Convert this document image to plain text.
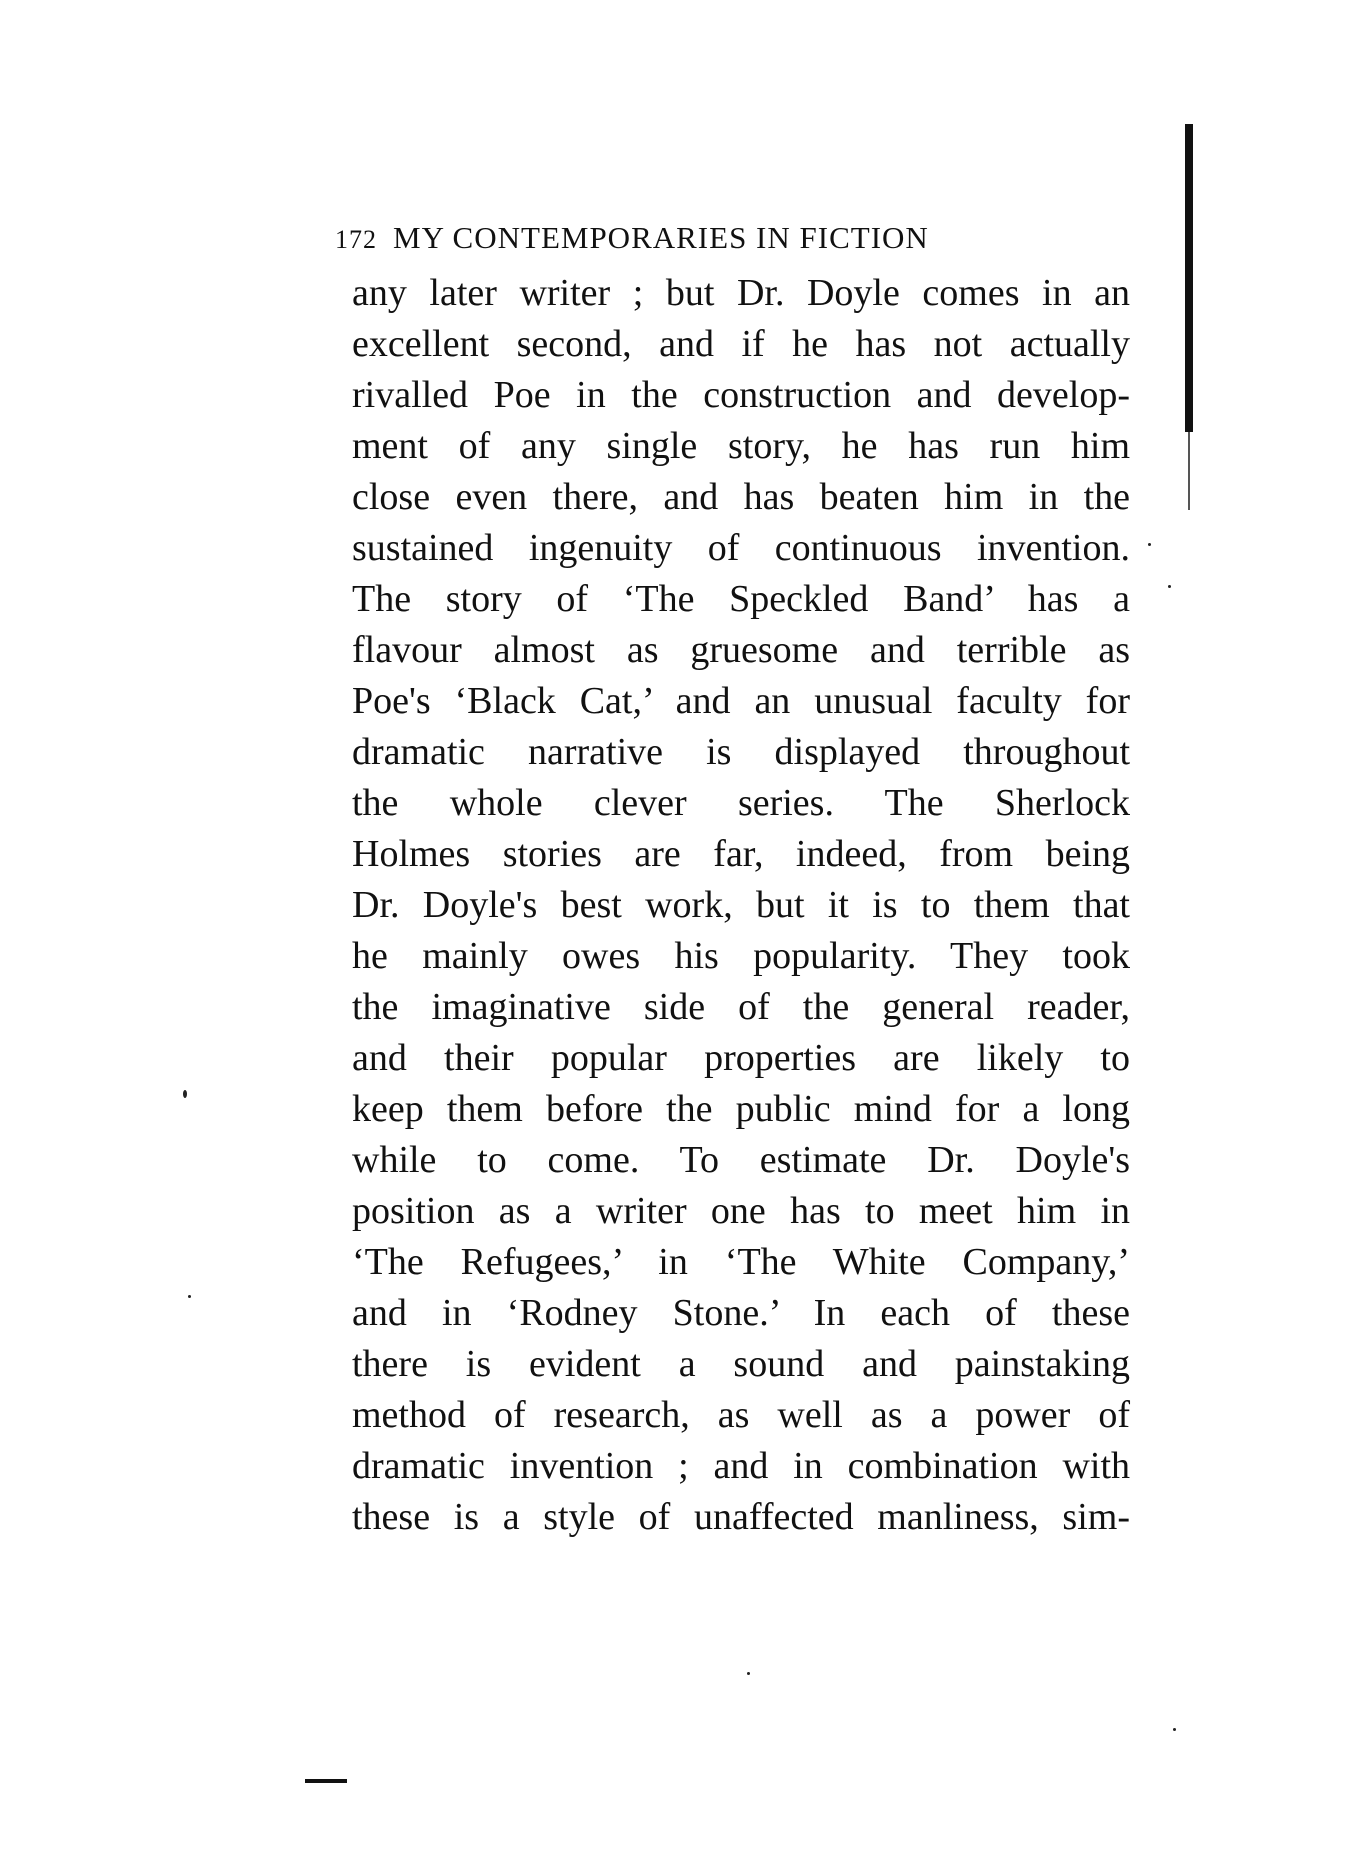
172 MY CONTEMPORARIES IN FICTION
any later writer ; but Dr. Doyle comes in an
excellent second, and if he has not actually
rivalled Poe in the construction and develop-
ment of any single story, he has run him
close even there, and has beaten him in the
sustained ingenuity of continuous invention.
The story of ‘The Speckled Band’ has a
flavour almost as gruesome and terrible as
Poe's ‘Black Cat,’ and an unusual faculty for
dramatic narrative is displayed throughout
the whole clever series. The Sherlock
Holmes stories are far, indeed, from being
Dr. Doyle's best work, but it is to them that
he mainly owes his popularity. They took
the imaginative side of the general reader,
and their popular properties are likely to
keep them before the public mind for a long
while to come. To estimate Dr. Doyle's
position as a writer one has to meet him in
‘The Refugees,’ in ‘The White Company,’
and in ‘Rodney Stone.’ In each of these
there is evident a sound and painstaking
method of research, as well as a power of
dramatic invention ; and in combination with
these is a style of unaffected manliness, sim-
